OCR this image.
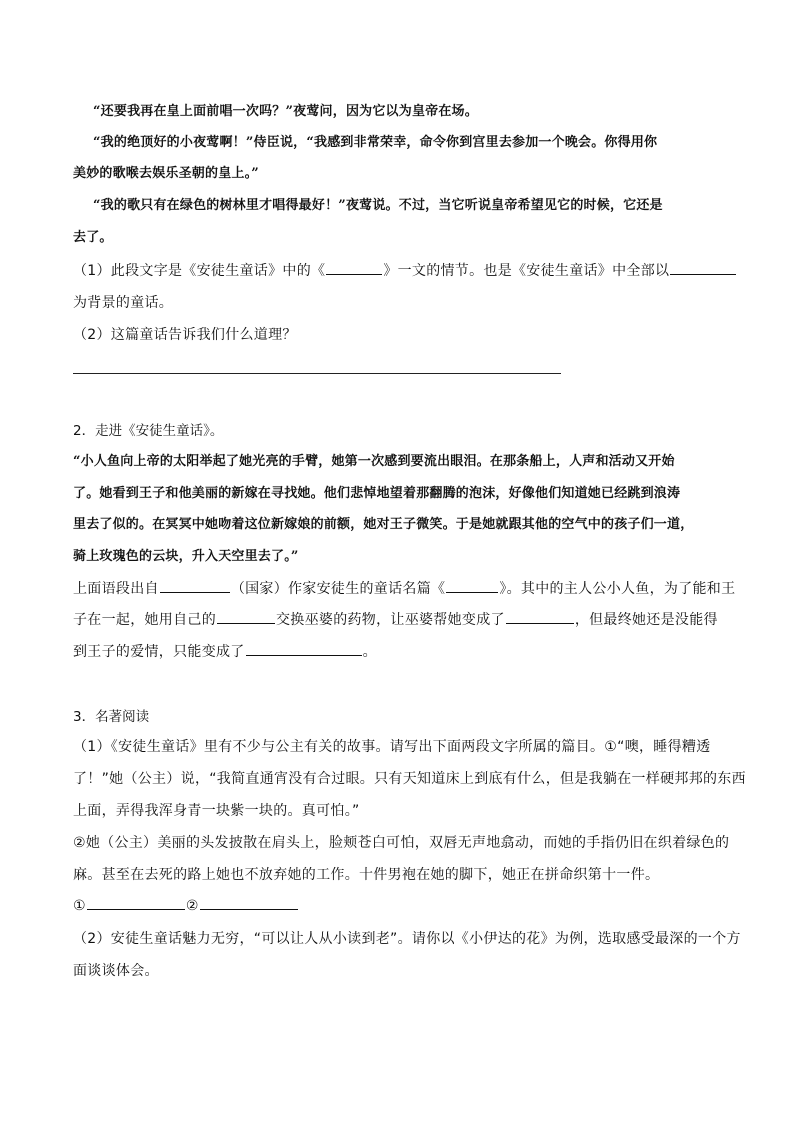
“还要我再在皇上面前唱一次吗？”夜莺问，因为它以为皇帝在场。
“我的绝顶好的小夜莺啊！”侍臣说，“我感到非常荣幸，命令你到宫里去参加一个晚会。你得用你
美妙的歌喉去娱乐圣朝的皇上。”
“我的歌只有在绿色的树林里才唱得最好！”夜莺说。不过，当它听说皇帝希望见它的时候，它还是
去了。
（1）此段文字是《安徒生童话》中的《	》一文的情节。也是《安徒生童话》中全部以
为背景的童话。
（2）这篇童话告诉我们什么道理？
2．走进《安徒生童话》。
“小人鱼向上帝的太阳举起了她光亮的手臂，她第一次感到要流出眼泪。在那条船上，人声和活动又开始
了。她看到王子和他美丽的新嫁在寻找她。他们悲悼地望着那翻腾的泡沫，好像他们知道她已经跳到浪涛
里去了似的。在冥冥中她吻着这位新嫁娘的前额，她对王子微笑。于是她就跟其他的空气中的孩子们一道，
骑上玫瑰色的云块，升入天空里去了。”
上面语段出自	（国家）作家安徒生的童话名篇《	》。其中的主人公小人鱼，为了能和王
子在一起，她用自己的	交换巫婆的药物，让巫婆帮她变成了	，但最终她还是没能得
到王子的爱情，只能变成了	。
3．名著阅读
（1）《安徒生童话》里有不少与公主有关的故事。请写出下面两段文字所属的篇目。①“噢，睡得糟透
了！”她（公主）说，“我简直通宵没有合过眼。只有天知道床上到底有什么，但是我躺在一样硬邦邦的东西
上面，弄得我浑身青一块紫一块的。真可怕。”
②她（公主）美丽的头发披散在肩头上，脸颊苍白可怕，双唇无声地翕动，而她的手指仍旧在织着绿色的
麻。甚至在去死的路上她也不放弃她的工作。十件男袍在她的脚下，她正在拼命织第十一件。
①	②
（2）安徒生童话魅力无穷，“可以让人从小读到老”。请你以《小伊达的花》为例，选取感受最深的一个方
面谈谈体会。
